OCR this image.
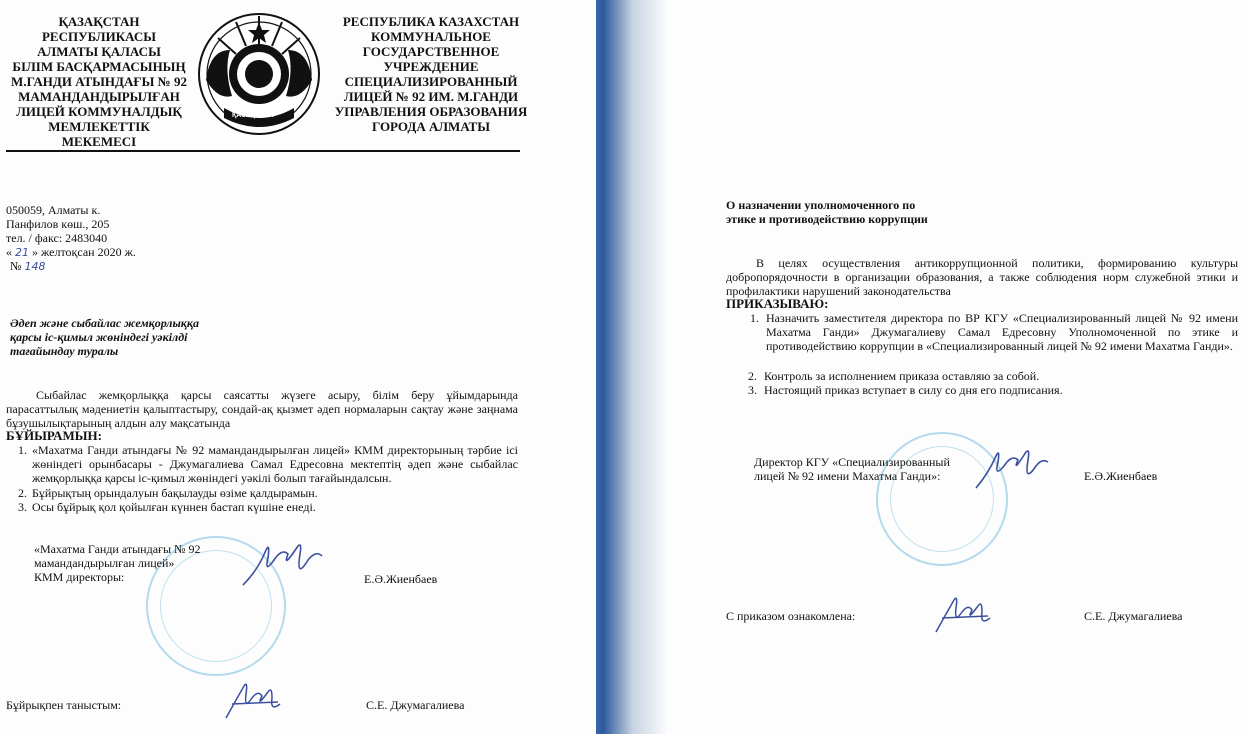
ҚАЗАҚСТАН
РЕСПУБЛИКАСЫ
АЛМАТЫ ҚАЛАСЫ
БІЛІМ БАСҚАРМАСЫНЫҢ
М.ГАНДИ АТЫНДАҒЫ № 92
МАМАНДАНДЫРЫЛҒАН
ЛИЦЕЙ КОММУНАЛДЫҚ
МЕМЛЕКЕТТІК МЕКЕМЕСІ
ҚАЗАҚСТАН
РЕСПУБЛИКА КАЗАХСТАН
КОММУНАЛЬНОЕ
ГОСУДАРСТВЕННОЕ
УЧРЕЖДЕНИЕ
СПЕЦИАЛИЗИРОВАННЫЙ
ЛИЦЕЙ № 92 ИМ. М.ГАНДИ
УПРАВЛЕНИЯ ОБРАЗОВАНИЯ
ГОРОДА АЛМАТЫ
050059, Алматы к.
Панфилов көш., 205
тел. / факс: 2483040
« 21 » желтоқсан 2020 ж.
№ 148
Әдеп және сыбайлас жемқорлыққа
қарсы іс-қимыл жөніндегі уәкілді
тағайындау туралы
Сыбайлас жемқорлыққа қарсы саясатты жүзеге асыру, білім беру ұйымдарында парасаттылық мәдениетін қалыптастыру, сондай-ақ қызмет әдеп нормаларын сақтау және заңнама бұзушылықтарының алдын алу мақсатында
БҰЙЫРАМЫН:
1. «Махатма Ганди атындағы № 92 мамандандырылған лицей» КММ директорының тәрбие ісі жөніндегі орынбасары - Джумагалиева Самал Едресовна мектептің әдеп және сыбайлас жемқорлыққа қарсы іс-қимыл жөніндегі уәкілі болып тағайындалсын.
2. Бұйрықтың орындалуын бақылауды өзіме қалдырамын.
3. Осы бұйрық қол қойылған күннен бастап күшіне енеді.
«Махатма Ганди атындағы № 92
мамандандырылған лицей»
КММ директоры:	Е.Ә.Жиенбаев
Бұйрықпен таныстым:	С.Е. Джумагалиева
О назначении уполномоченного по
этике и противодействию коррупции
В целях осуществления антикоррупционной политики, формированию культуры добропорядочности в организации образования, а также соблюдения норм служебной этики и профилактики нарушений законодательства
ПРИКАЗЫВАЮ:
1. Назначить заместителя директора по ВР КГУ «Специализированный лицей № 92 имени Махатма Ганди» Джумагалиеву Самал Едресовну Уполномоченной по этике и противодействию коррупции в «Специализированный лицей № 92 имени Махатма Ганди».
2. Контроль за исполнением приказа оставляю за собой.
3. Настоящий приказ вступает в силу со дня его подписания.
Директор КГУ «Специализированный
лицей № 92 имени Махатма Ганди»:	Е.Ә.Жиенбаев
С приказом ознакомлена:	С.Е. Джумагалиева
